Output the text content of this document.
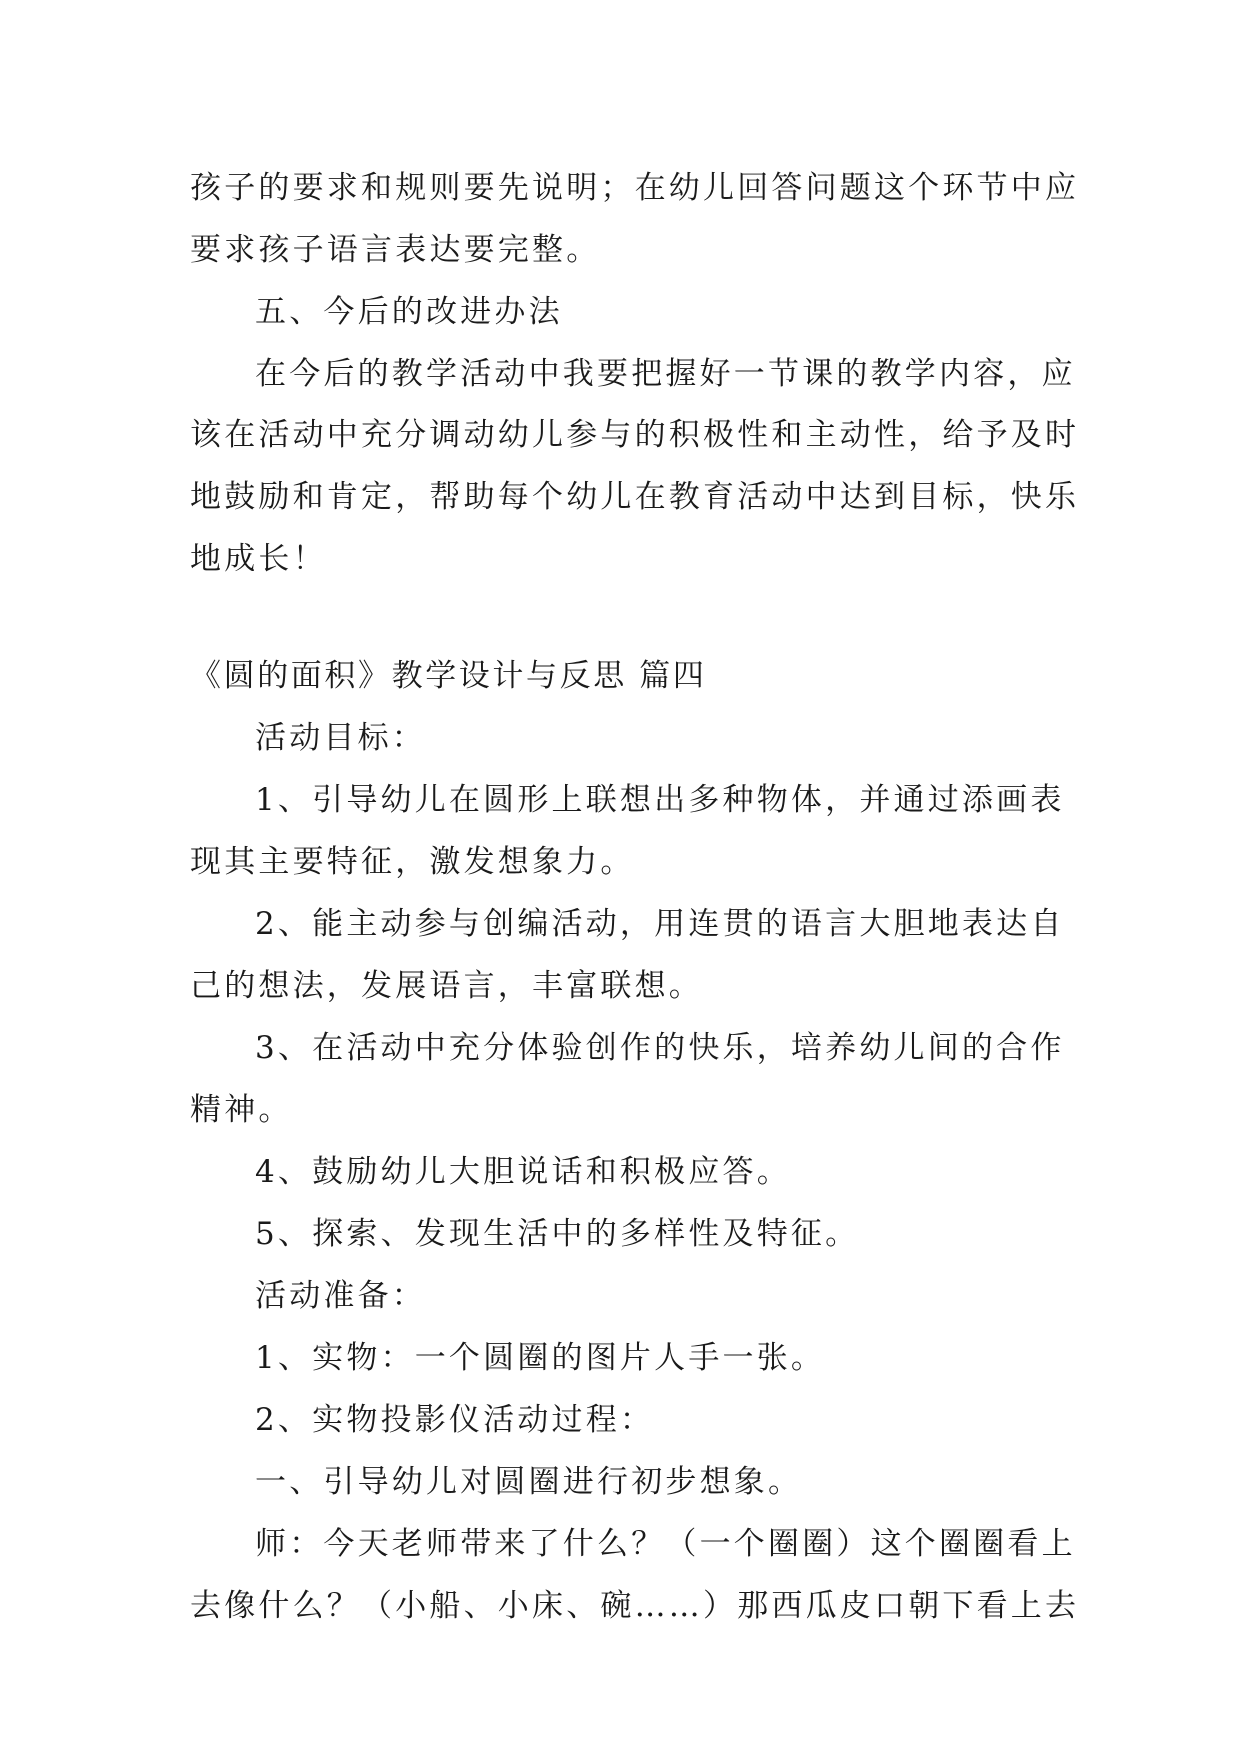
孩子的要求和规则要先说明；在幼儿回答问题这个环节中应
要求孩子语言表达要完整。
五、今后的改进办法
在今后的教学活动中我要把握好一节课的教学内容，应
该在活动中充分调动幼儿参与的积极性和主动性，给予及时
地鼓励和肯定，帮助每个幼儿在教育活动中达到目标，快乐
地成长！
《圆的面积》教学设计与反思 篇四
活动目标：
1、引导幼儿在圆形上联想出多种物体，并通过添画表
现其主要特征，激发想象力。
2、能主动参与创编活动，用连贯的语言大胆地表达自
己的想法，发展语言，丰富联想。
3、在活动中充分体验创作的快乐，培养幼儿间的合作
精神。
4、鼓励幼儿大胆说话和积极应答。
5、探索、发现生活中的多样性及特征。
活动准备：
1、实物：一个圆圈的图片人手一张。
2、实物投影仪活动过程：
一、引导幼儿对圆圈进行初步想象。
师：今天老师带来了什么？（一个圈圈）这个圈圈看上
去像什么？（小船、小床、碗……）那西瓜皮口朝下看上去
